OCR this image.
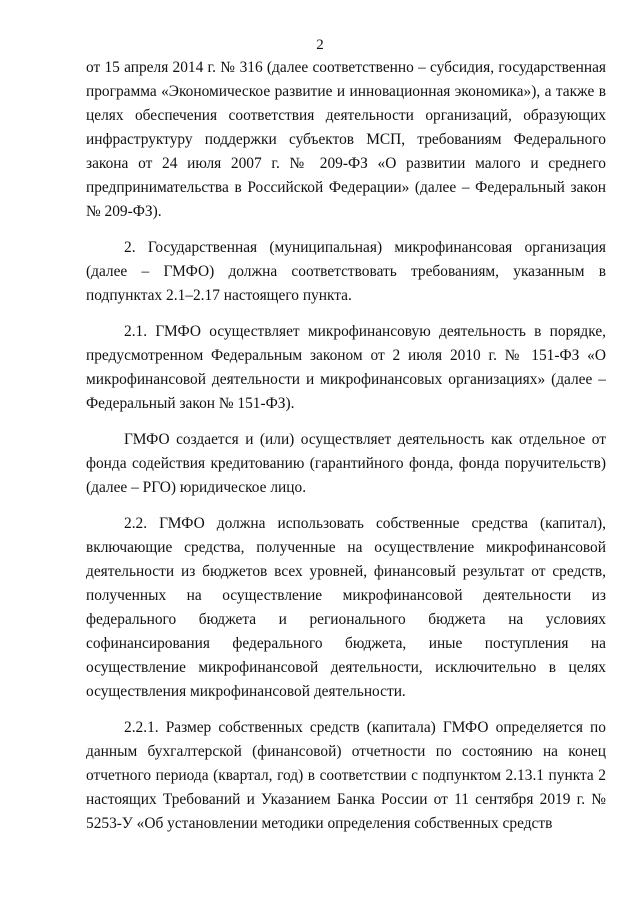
2

от 15 апреля 2014 г. № 316 (далее соответственно – субсидия, государственная программа «Экономическое развитие и инновационная экономика»), а также в целях обеспечения соответствия деятельности организаций, образующих инфраструктуру поддержки субъектов МСП, требованиям Федерального закона от 24 июля 2007 г. № 209-ФЗ «О развитии малого и среднего предпринимательства в Российской Федерации» (далее – Федеральный закон № 209-ФЗ).

2. Государственная (муниципальная) микрофинансовая организация (далее – ГМФО) должна соответствовать требованиям, указанным в подпунктах 2.1–2.17 настоящего пункта.

2.1. ГМФО осуществляет микрофинансовую деятельность в порядке, предусмотренном Федеральным законом от 2 июля 2010 г. № 151-ФЗ «О микрофинансовой деятельности и микрофинансовых организациях» (далее – Федеральный закон № 151-ФЗ).

ГМФО создается и (или) осуществляет деятельность как отдельное от фонда содействия кредитованию (гарантийного фонда, фонда поручительств) (далее – РГО) юридическое лицо.

2.2. ГМФО должна использовать собственные средства (капитал), включающие средства, полученные на осуществление микрофинансовой деятельности из бюджетов всех уровней, финансовый результат от средств, полученных на осуществление микрофинансовой деятельности из федерального бюджета и регионального бюджета на условиях софинансирования федерального бюджета, иные поступления на осуществление микрофинансовой деятельности, исключительно в целях осуществления микрофинансовой деятельности.

2.2.1. Размер собственных средств (капитала) ГМФО определяется по данным бухгалтерской (финансовой) отчетности по состоянию на конец отчетного периода (квартал, год) в соответствии с подпунктом 2.13.1 пункта 2 настоящих Требований и Указанием Банка России от 11 сентября 2019 г. № 5253-У «Об установлении методики определения собственных средств
